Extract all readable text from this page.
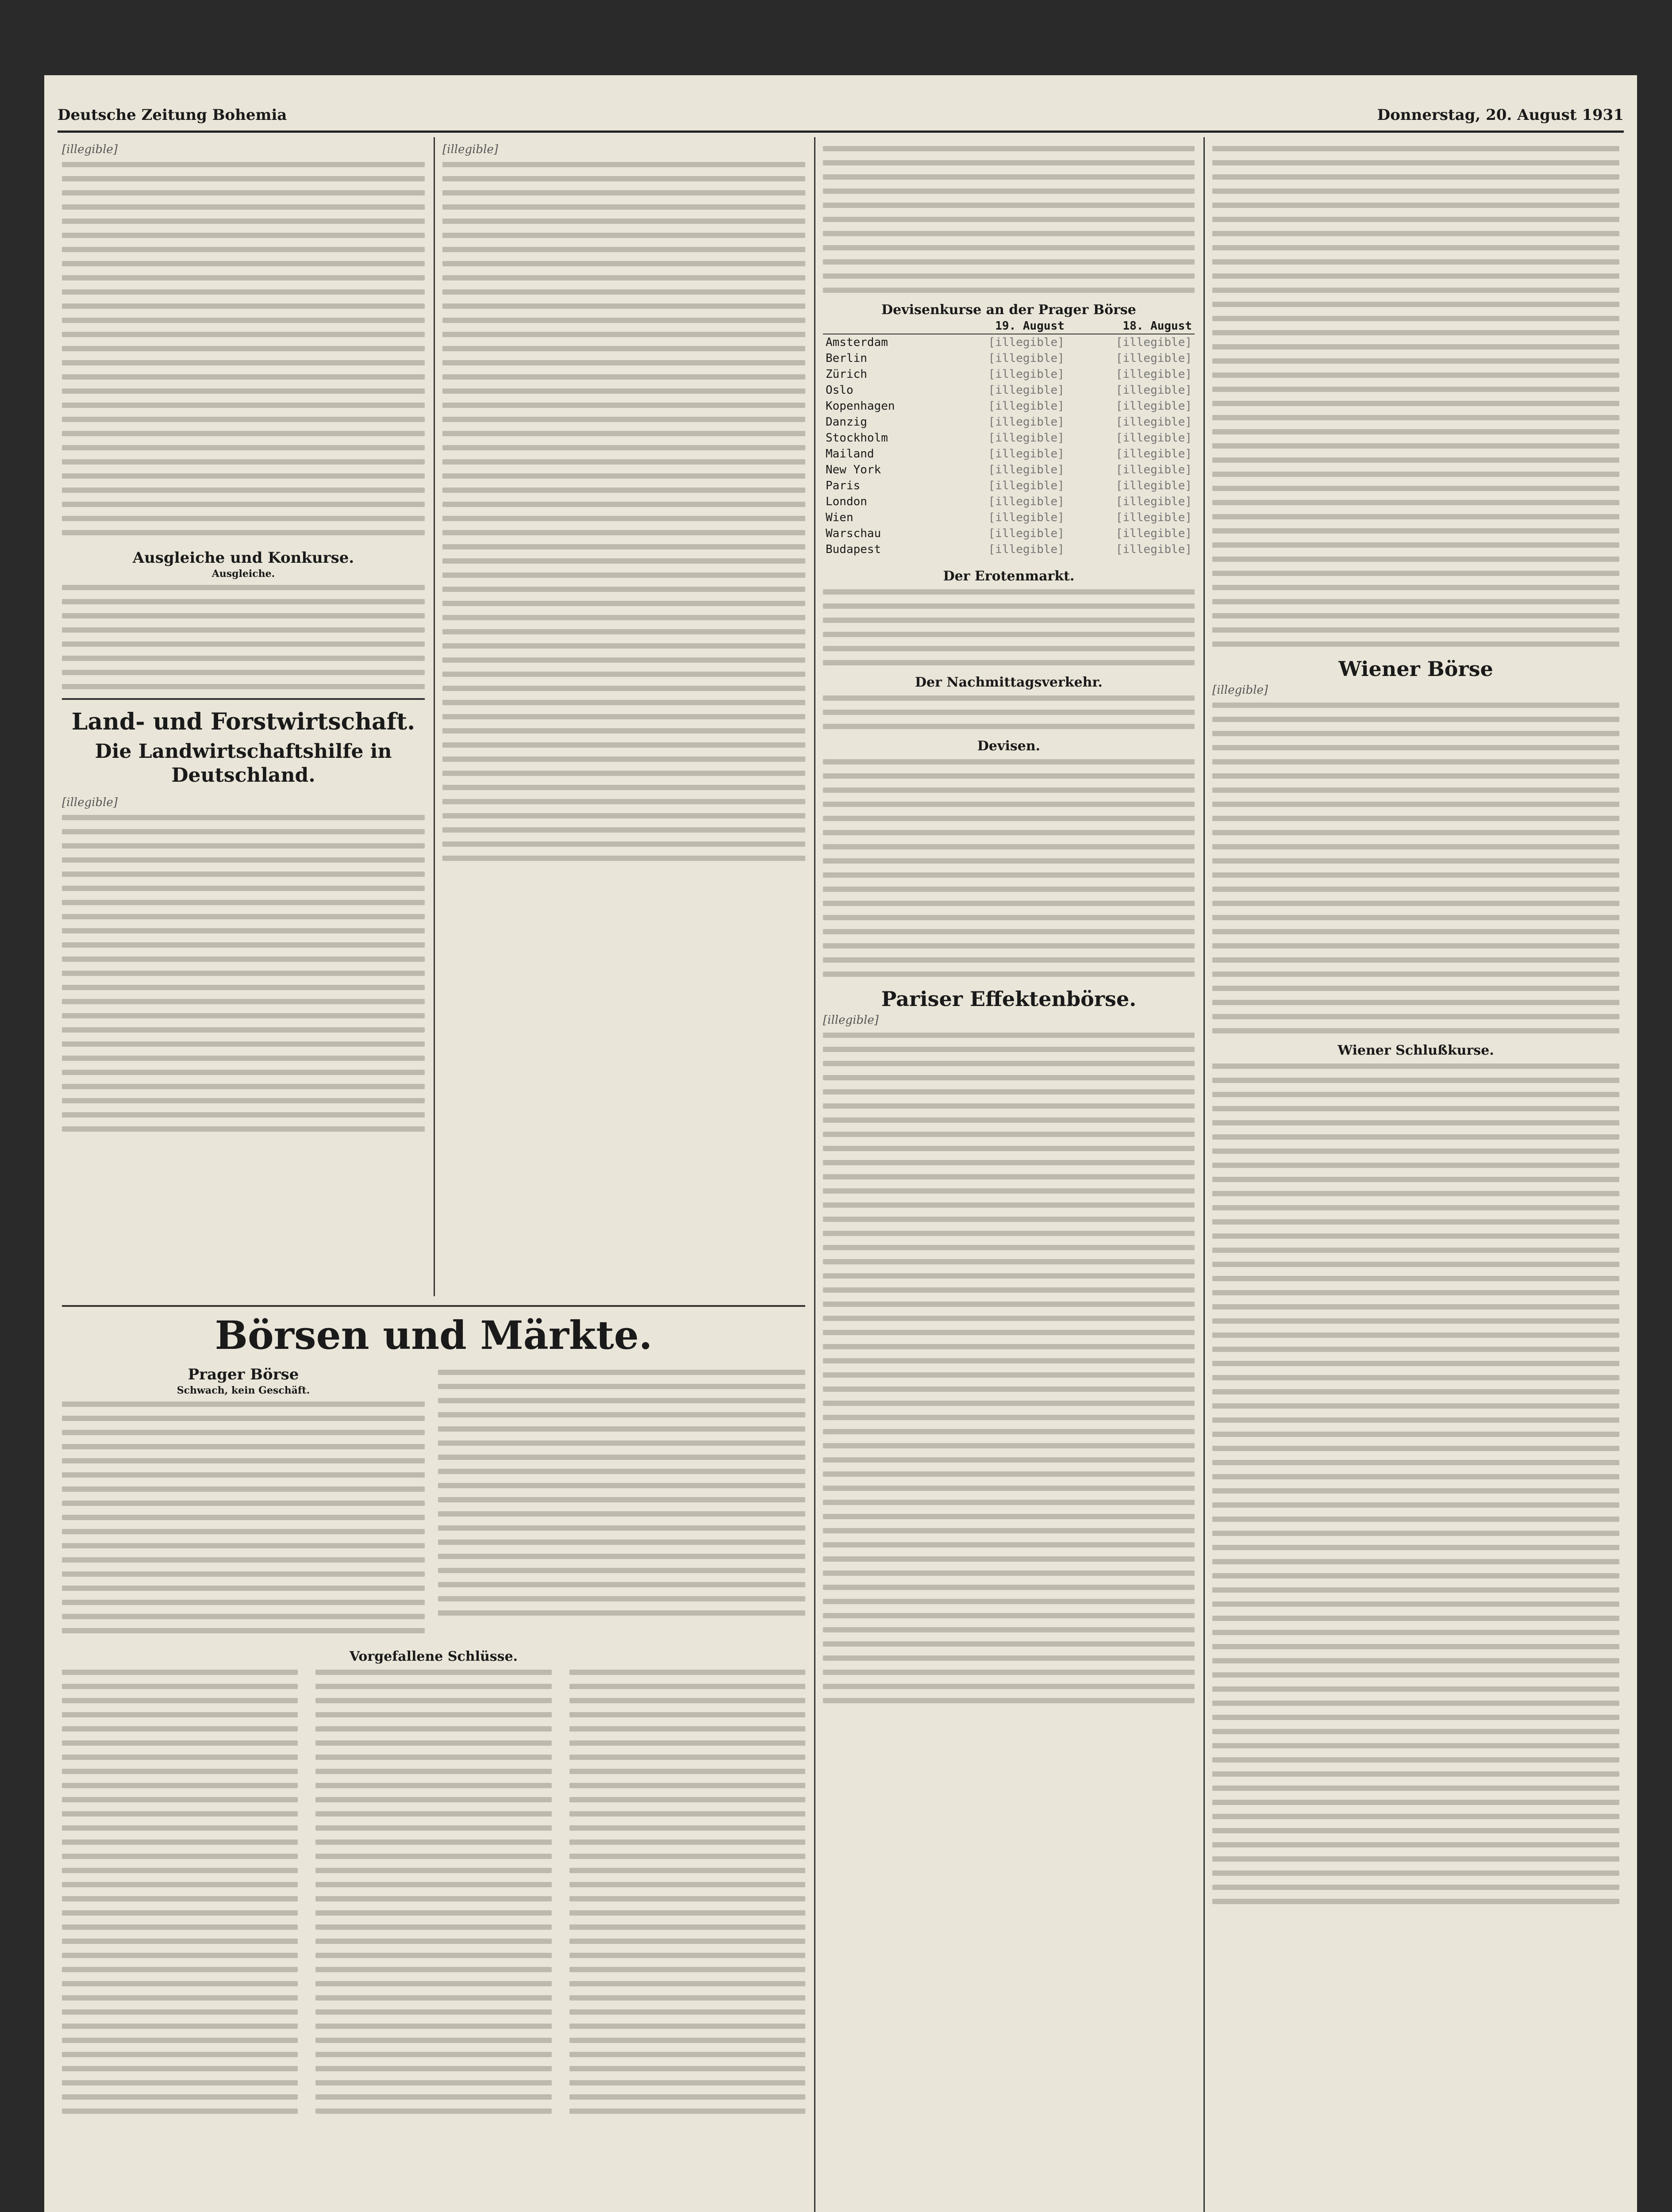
Deutsche Zeitung Bohemia	Donnerstag, 20. August 1931
[illegible]
Ausgleiche und Konkurse.
Ausgleiche.
Land- und Forstwirtschaft.
Die Landwirtschaftshilfe in Deutschland.
[illegible]
[illegible]
Devisenkurse an der Prager Börse
	19. August	18. August
Amsterdam	[illegible]	[illegible]
Berlin	[illegible]	[illegible]
Zürich	[illegible]	[illegible]
Oslo	[illegible]	[illegible]
Kopenhagen	[illegible]	[illegible]
Danzig	[illegible]	[illegible]
Stockholm	[illegible]	[illegible]
Mailand	[illegible]	[illegible]
New York	[illegible]	[illegible]
Paris	[illegible]	[illegible]
London	[illegible]	[illegible]
Wien	[illegible]	[illegible]
Warschau	[illegible]	[illegible]
Budapest	[illegible]	[illegible]
Der Erotenmarkt.
Der Nachmittagsverkehr.
Devisen.
Pariser Effektenbörse.
[illegible]
Wiener Börse
[illegible]
Wiener Schlußkurse.
Börsen und Märkte.
Prager Börse
Schwach, kein Geschäft.
Vorgefallene Schlüsse.
